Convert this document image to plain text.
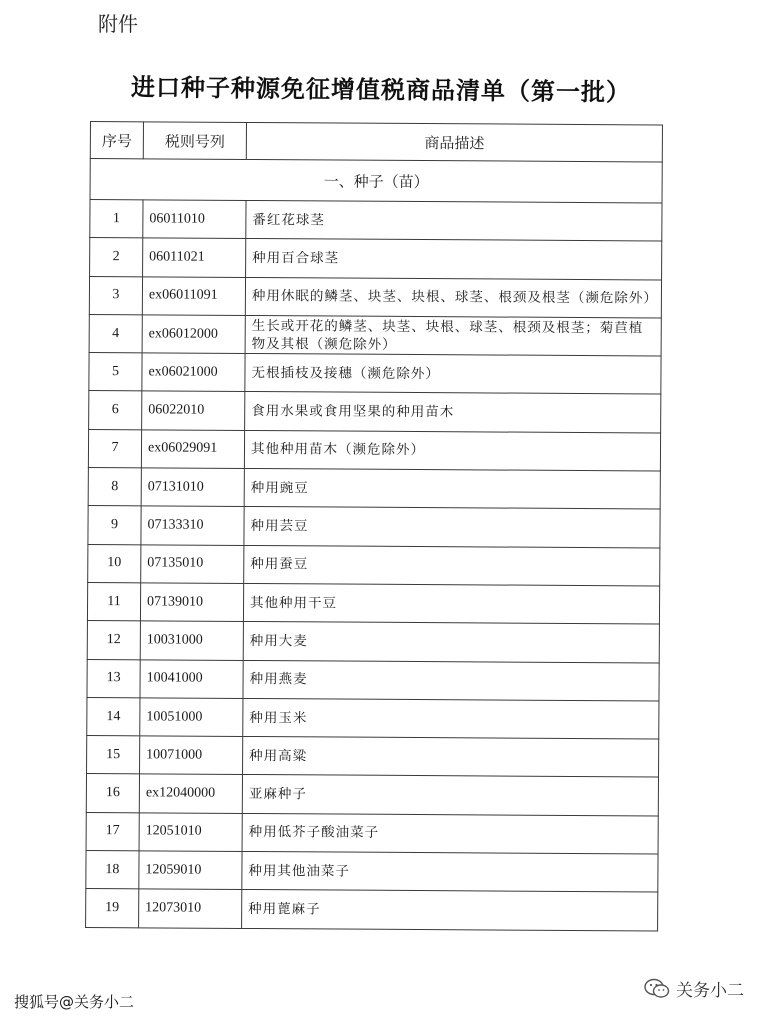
附件
进口种子种源免征增值税商品清单（第一批）
序号	税则号列	商品描述
一、种子（苗）		
1	06011010	番红花球茎
2	06011021	种用百合球茎
3	ex06011091	种用休眠的鳞茎、块茎、块根、球茎、根颈及根茎（濒危除外）
4	ex06012000	生长或开花的鳞茎、块茎、块根、球茎、根颈及根茎；菊苣植物及其根（濒危除外）
5	ex06021000	无根插枝及接穗（濒危除外）
6	06022010	食用水果或食用坚果的种用苗木
7	ex06029091	其他种用苗木（濒危除外）
8	07131010	种用豌豆
9	07133310	种用芸豆
10	07135010	种用蚕豆
11	07139010	其他种用干豆
12	10031000	种用大麦
13	10041000	种用燕麦
14	10051000	种用玉米
15	10071000	种用高粱
16	ex12040000	亚麻种子
17	12051010	种用低芥子酸油菜子
18	12059010	种用其他油菜子
19	12073010	种用蓖麻子
搜狐号@关务小二
关务小二
